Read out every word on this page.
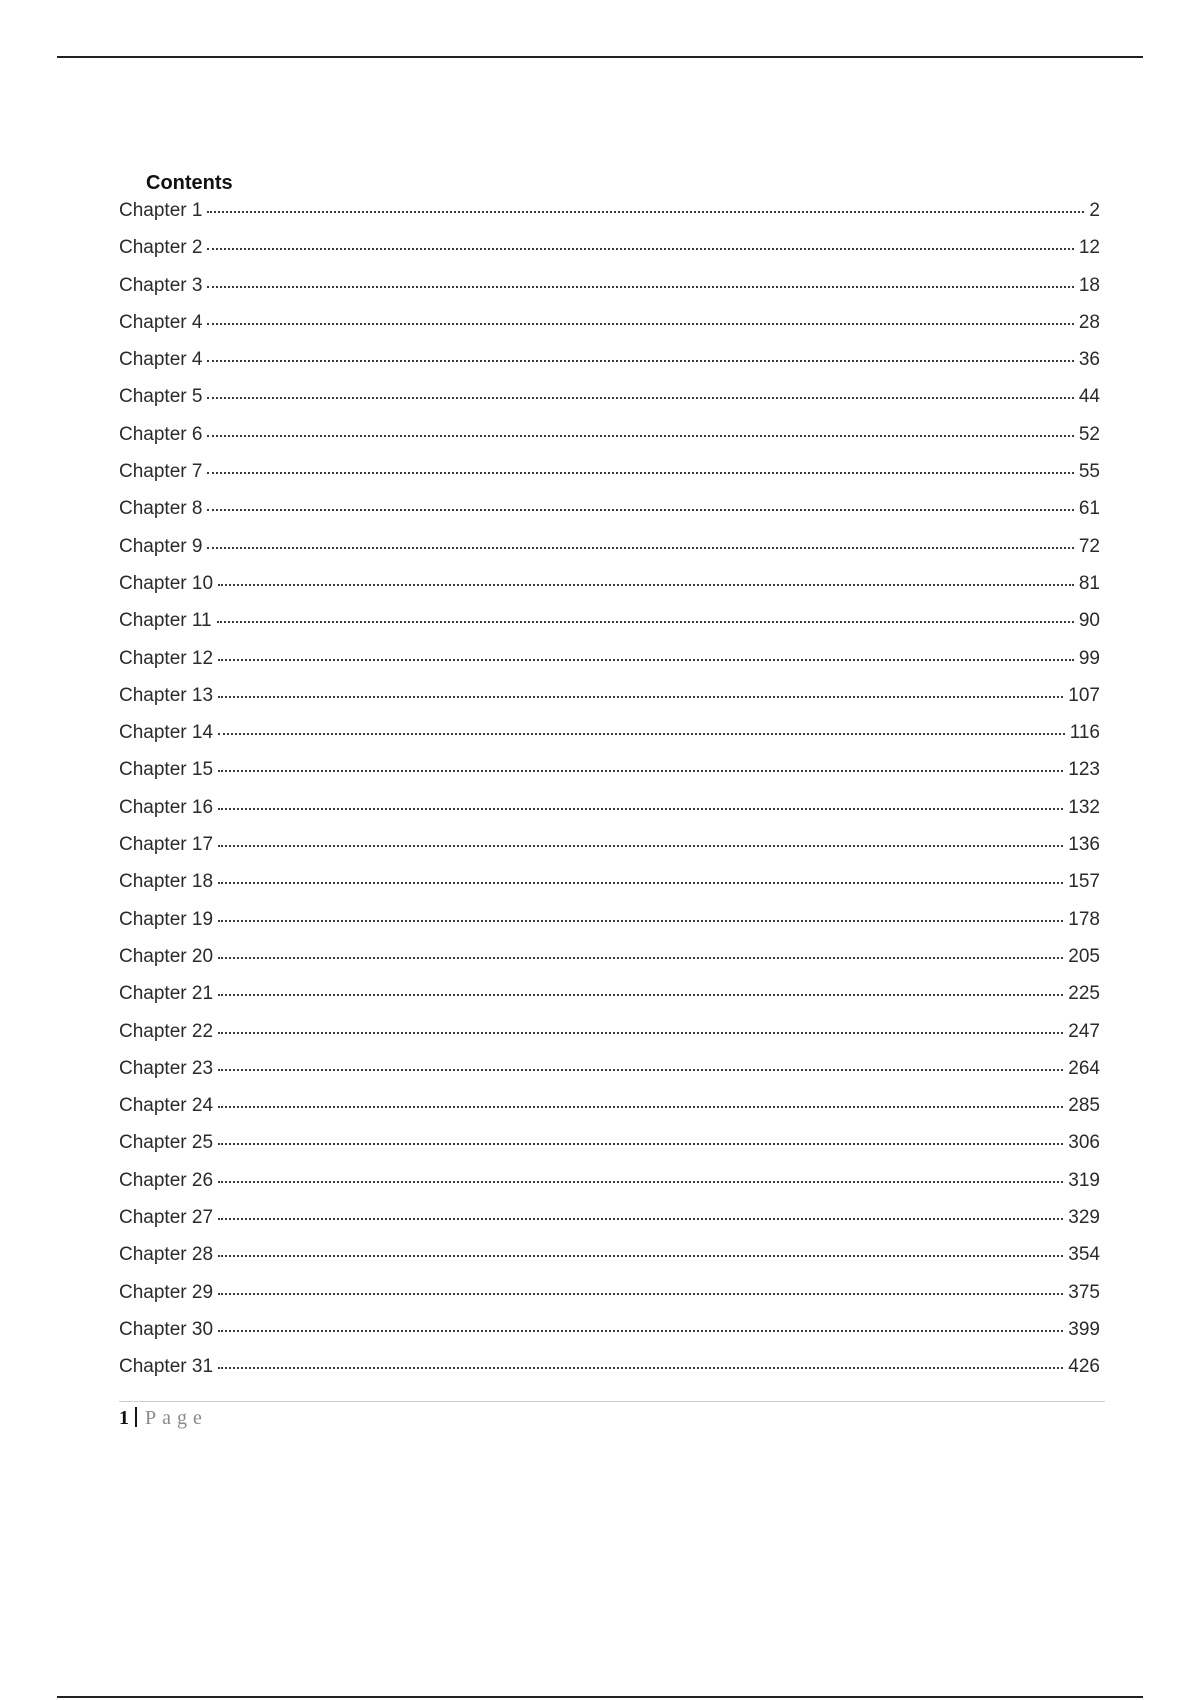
Contents
Chapter 1	2
Chapter 2	12
Chapter 3	18
Chapter 4	28
Chapter 4	36
Chapter 5	44
Chapter 6	52
Chapter 7	55
Chapter 8	61
Chapter 9	72
Chapter 10	81
Chapter 11	90
Chapter 12	99
Chapter 13	107
Chapter 14	116
Chapter 15	123
Chapter 16	132
Chapter 17	136
Chapter 18	157
Chapter 19	178
Chapter 20	205
Chapter 21	225
Chapter 22	247
Chapter 23	264
Chapter 24	285
Chapter 25	306
Chapter 26	319
Chapter 27	329
Chapter 28	354
Chapter 29	375
Chapter 30	399
Chapter 31	426
1 Page
